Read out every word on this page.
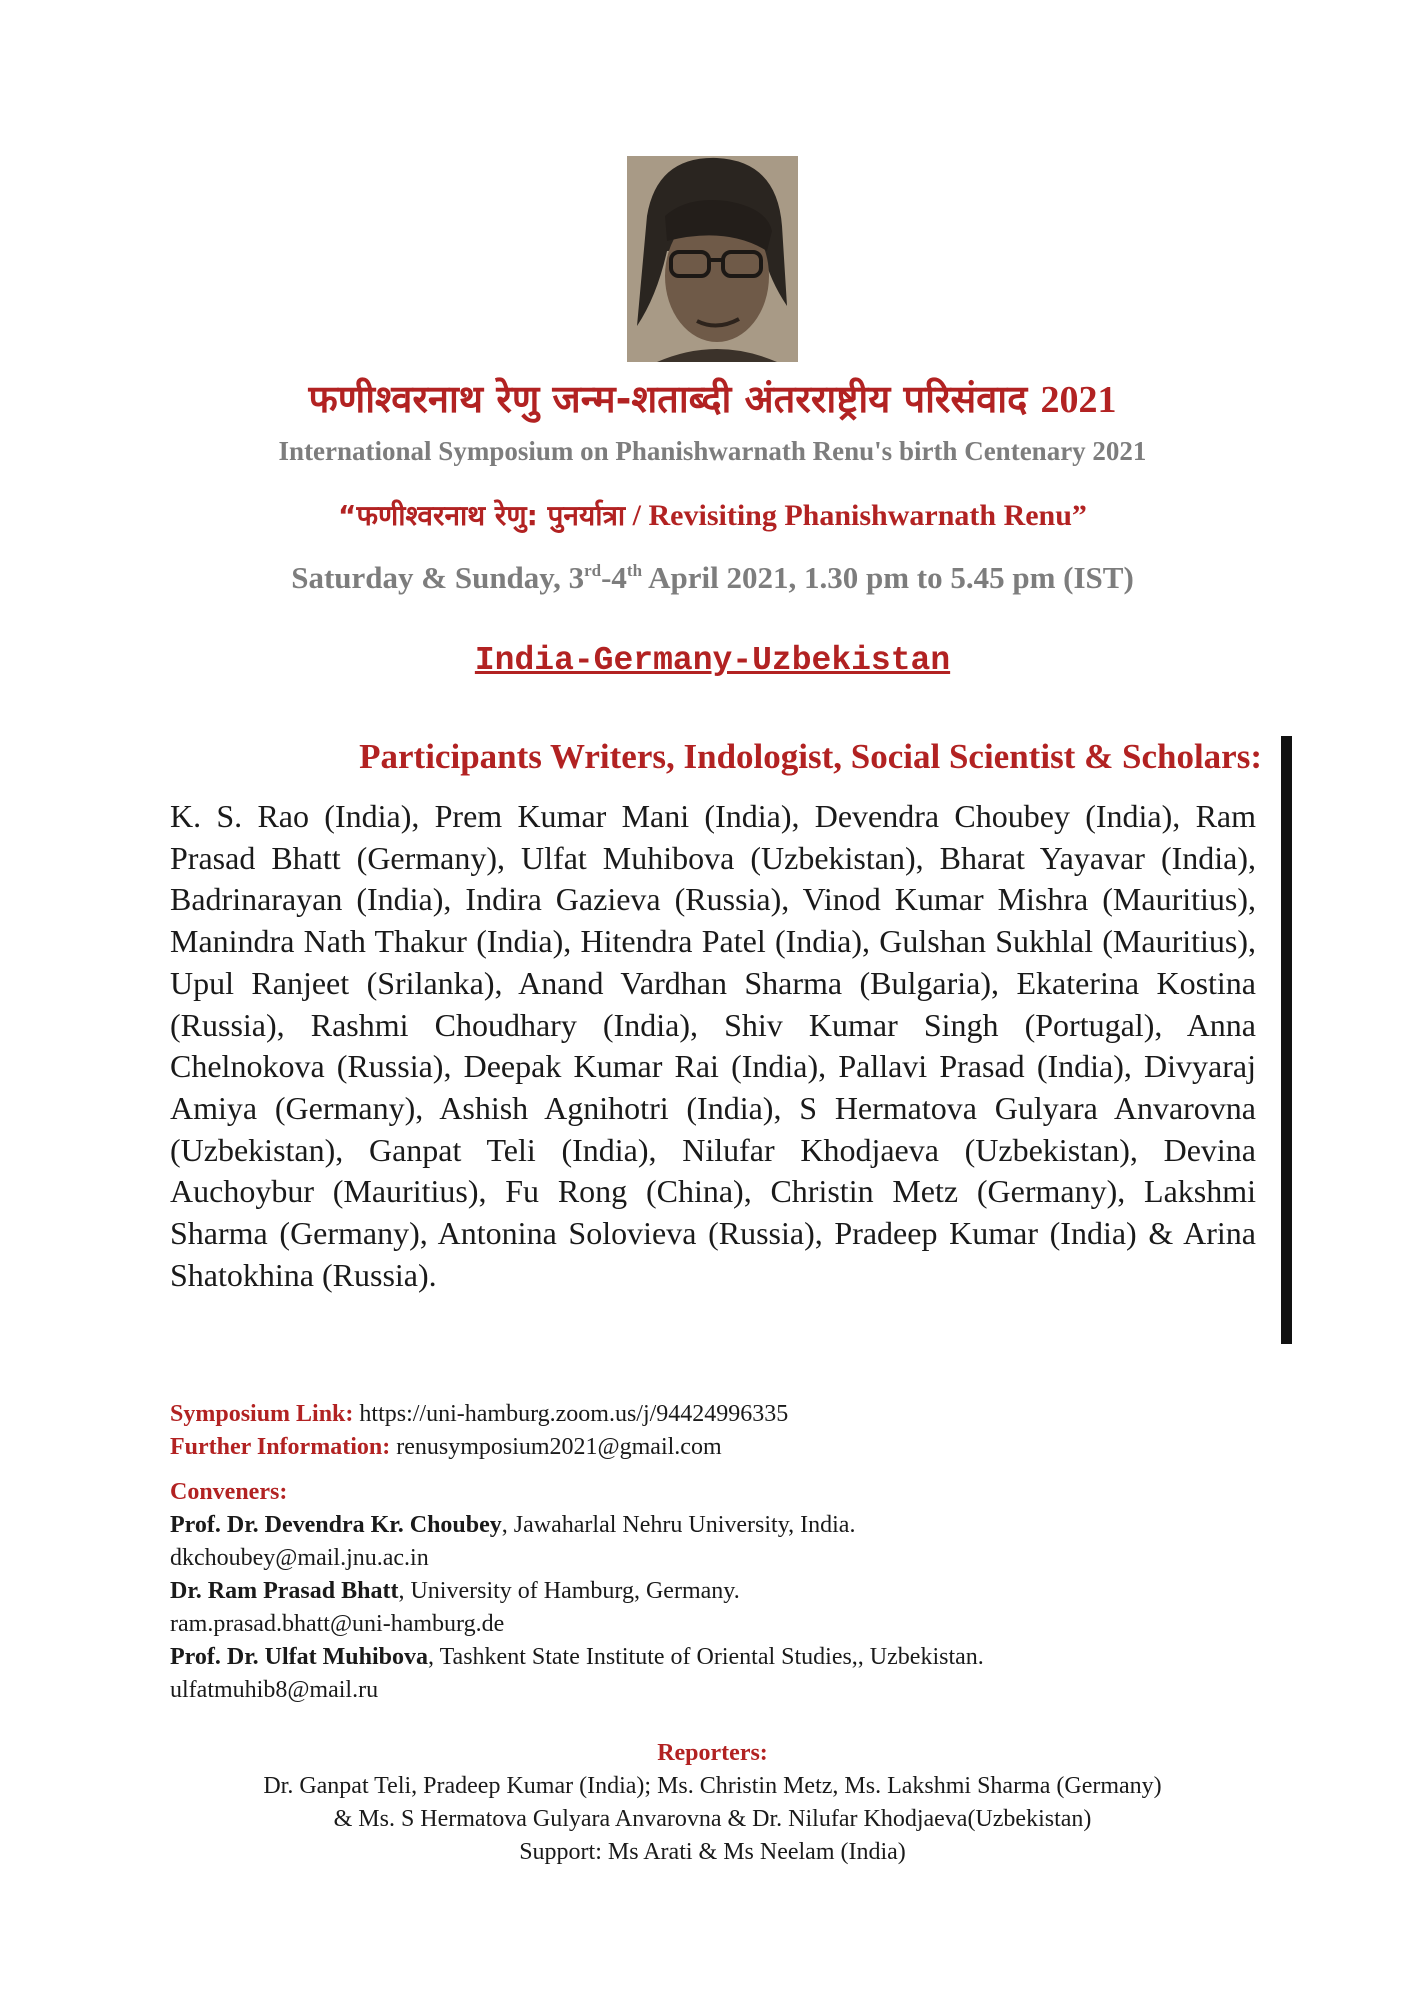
फणीश्वरनाथ रेणु जन्म-शताब्दी अंतरराष्ट्रीय परिसंवाद 2021
International Symposium on Phanishwarnath Renu's birth Centenary 2021
“फणीश्वरनाथ रेणु: पुनर्यात्रा / Revisiting Phanishwarnath Renu”
Saturday & Sunday, 3rd-4th April 2021, 1.30 pm to 5.45 pm (IST)
India-Germany-Uzbekistan
Participants Writers, Indologist, Social Scientist & Scholars:
K. S. Rao (India), Prem Kumar Mani (India), Devendra Choubey (India), Ram Prasad Bhatt (Germany), Ulfat Muhibova (Uzbekistan), Bharat Yayavar (India), Badrinarayan (India), Indira Gazieva (Russia), Vinod Kumar Mishra (Mauritius), Manindra Nath Thakur (India), Hitendra Patel (India), Gulshan Sukhlal (Mauritius), Upul Ranjeet (Srilanka), Anand Vardhan Sharma (Bulgaria), Ekaterina Kostina (Russia), Rashmi Choudhary (India), Shiv Kumar Singh (Portugal), Anna Chelnokova (Russia), Deepak Kumar Rai (India), Pallavi Prasad (India), Divyaraj Amiya (Germany), Ashish Agnihotri (India), S Hermatova Gulyara Anvarovna (Uzbekistan), Ganpat Teli (India), Nilufar Khodjaeva (Uzbekistan), Devina Auchoybur (Mauritius), Fu Rong (China), Christin Metz (Germany), Lakshmi Sharma (Germany), Antonina Solovieva (Russia), Pradeep Kumar (India) & Arina Shatokhina (Russia).
Symposium Link: https://uni-hamburg.zoom.us/j/94424996335
Further Information: renusymposium2021@gmail.com
Conveners:
Prof. Dr. Devendra Kr. Choubey, Jawaharlal Nehru University, India.
dkchoubey@mail.jnu.ac.in
Dr. Ram Prasad Bhatt, University of Hamburg, Germany.
ram.prasad.bhatt@uni-hamburg.de
Prof. Dr. Ulfat Muhibova, Tashkent State Institute of Oriental Studies,, Uzbekistan.
ulfatmuhib8@mail.ru
Reporters:
Dr. Ganpat Teli, Pradeep Kumar (India); Ms. Christin Metz, Ms. Lakshmi Sharma (Germany)
& Ms. S Hermatova Gulyara Anvarovna & Dr. Nilufar Khodjaeva(Uzbekistan)
Support: Ms Arati & Ms Neelam (India)
